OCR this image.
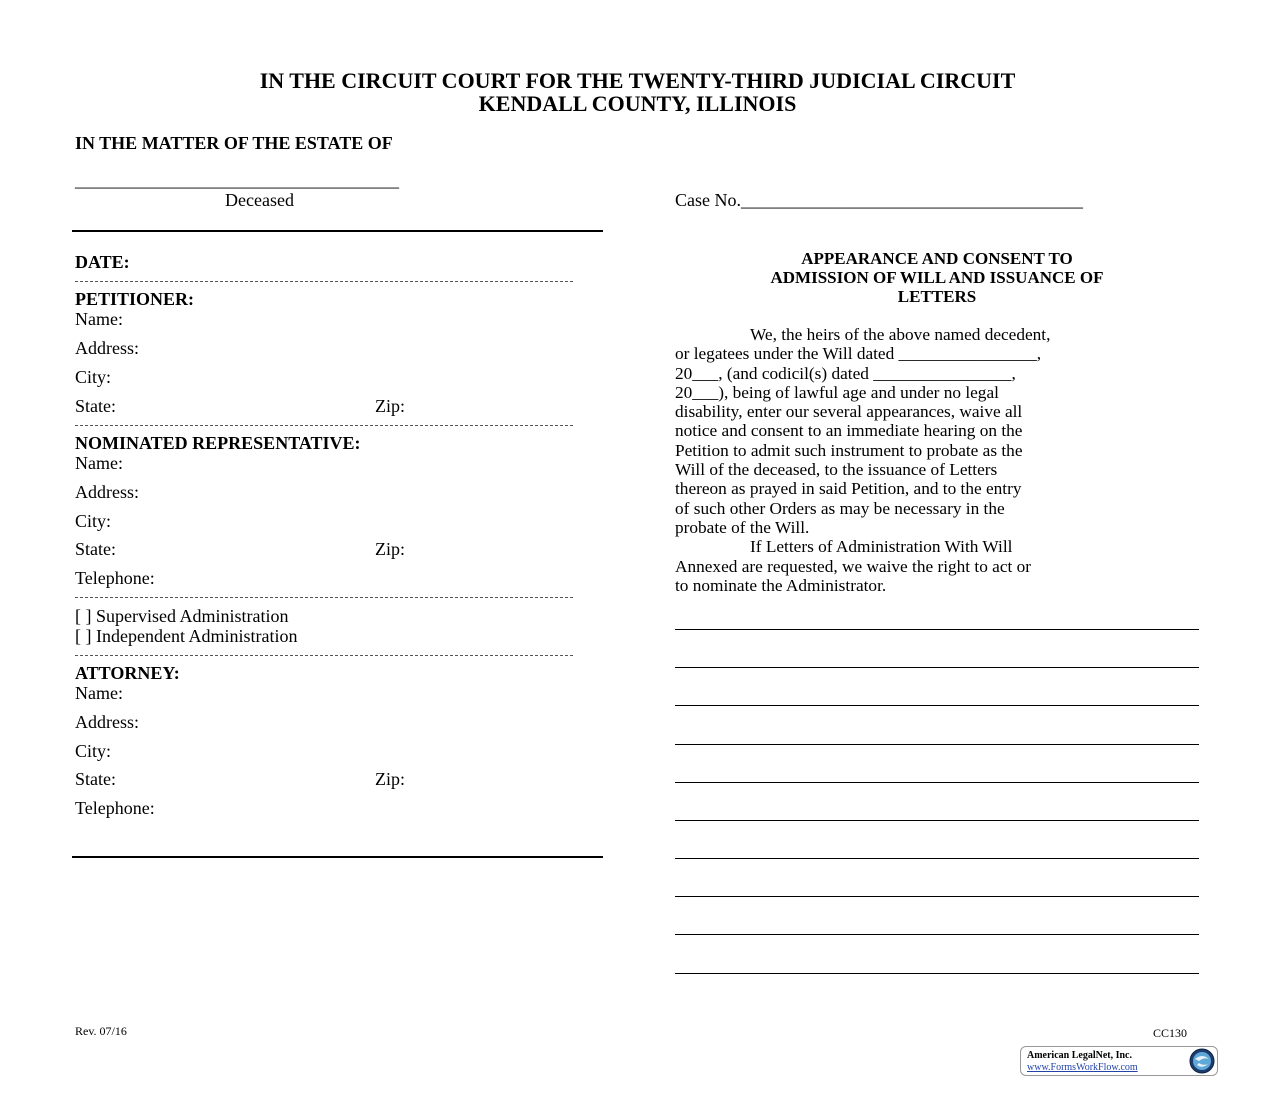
IN THE CIRCUIT COURT FOR THE TWENTY-THIRD JUDICIAL CIRCUIT
KENDALL COUNTY, ILLINOIS
IN THE MATTER OF THE ESTATE OF
____________________________________
Deceased	Case No.______________________________________
DATE:
PETITIONER:
Name:
Address:
City:
State:	Zip:
NOMINATED REPRESENTATIVE:
Name:
Address:
City:
State:	Zip:
Telephone:
[ ] Supervised Administration
[ ] Independent Administration
ATTORNEY:
Name:
Address:
City:
State:	Zip:
Telephone:
APPEARANCE AND CONSENT TO
ADMISSION OF WILL AND ISSUANCE OF
LETTERS
We, the heirs of the above named decedent,
or legatees under the Will dated ________________,
20___, (and codicil(s) dated ________________,
20___), being of lawful age and under no legal
disability, enter our several appearances, waive all
notice and consent to an immediate hearing on the
Petition to admit such instrument to probate as the
Will of the deceased, to the issuance of Letters
thereon as prayed in said Petition, and to the entry
of such other Orders as may be necessary in the
probate of the Will.
If Letters of Administration With Will
Annexed are requested, we waive the right to act or
to nominate the Administrator.
Rev. 07/16	CC130
American LegalNet, Inc.
www.FormsWorkFlow.com
